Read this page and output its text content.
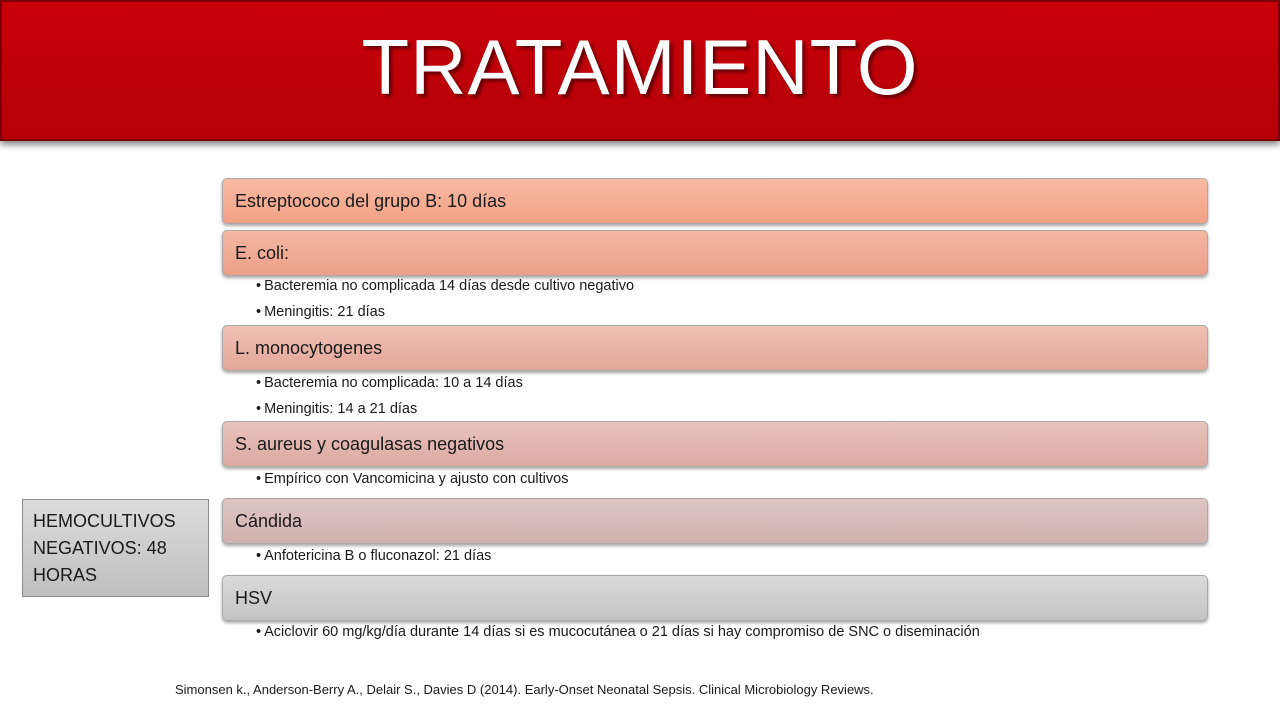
TRATAMIENTO
Estreptococo del grupo B: 10 días
E. coli:
• Bacteremia no complicada 14 días desde cultivo negativo
• Meningitis: 21 días
L. monocytogenes
• Bacteremia no complicada: 10 a 14 días
• Meningitis: 14 a 21 días
S. aureus y coagulasas negativos
• Empírico con Vancomicina y ajusto con cultivos
Cándida
• Anfotericina B o fluconazol: 21 días
HSV
• Aciclovir 60 mg/kg/día durante 14 días si es mucocutánea o 21 días si hay compromiso de SNC o diseminación
HEMOCULTIVOS NEGATIVOS: 48 HORAS
Simonsen k., Anderson-Berry A., Delair S., Davies D (2014). Early-Onset Neonatal Sepsis. Clinical Microbiology Reviews.
